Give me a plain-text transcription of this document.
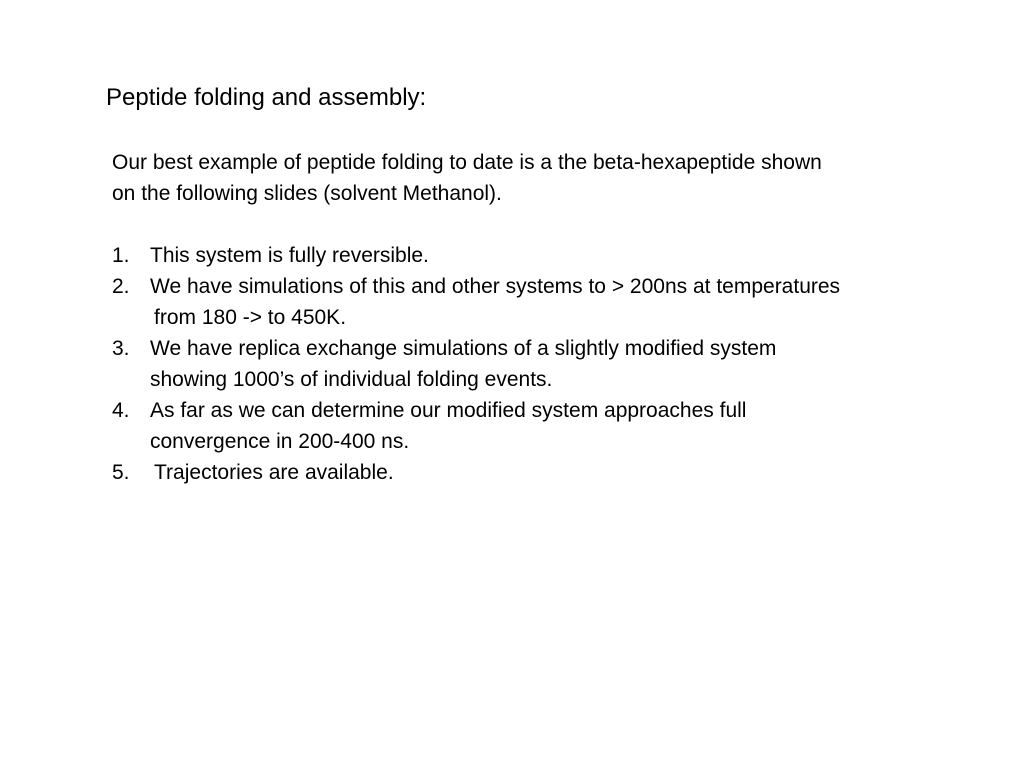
Peptide folding and assembly:
Our best example of peptide folding to date is a the beta-hexapeptide shown
on the following slides (solvent Methanol).
1. This system is fully reversible.
2. We have simulations of this and other systems to > 200ns at temperatures
from 180 -> to 450K.
3. We have replica exchange simulations of a slightly modified system
showing 1000’s of individual folding events.
4. As far as we can determine our modified system approaches full
convergence in 200-400 ns.
5.	Trajectories are available.
